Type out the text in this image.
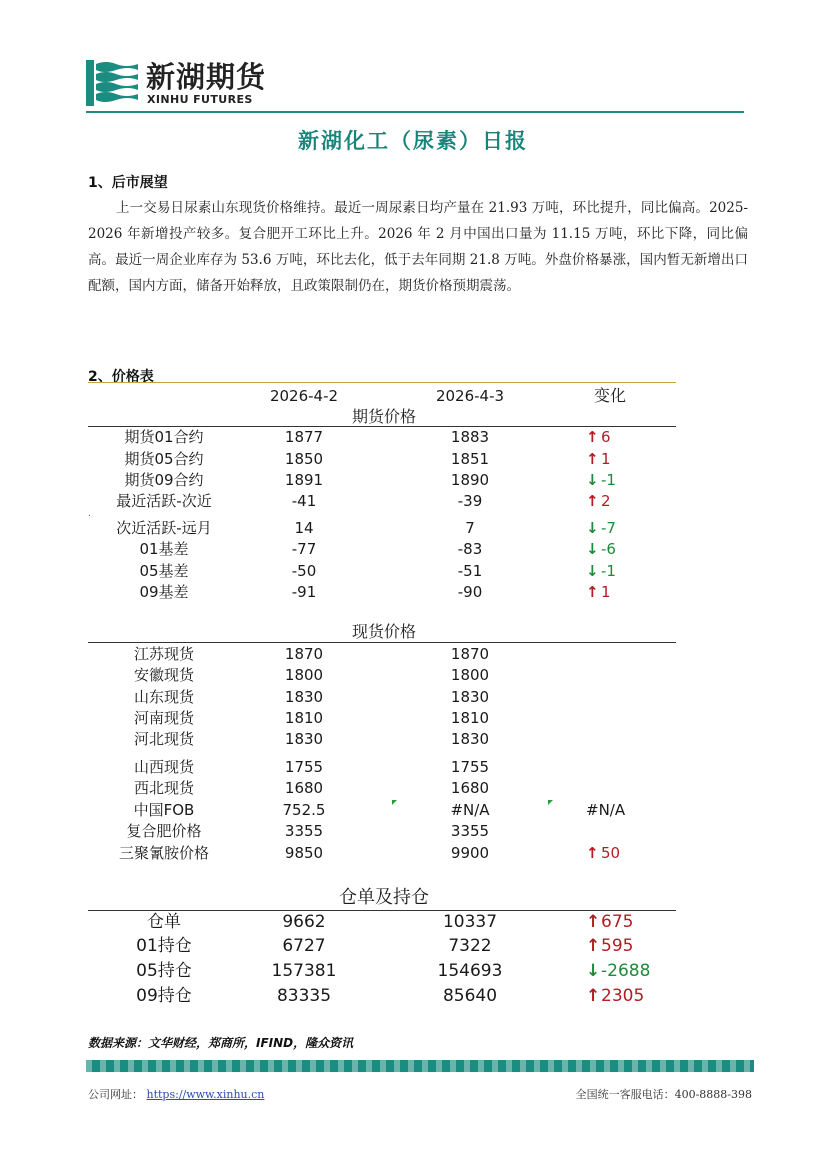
新湖期货
XINHU FUTURES
新湖化工（尿素）日报
1、后市展望
上一交易日尿素山东现货价格维持。最近一周尿素日均产量在 21.93 万吨，环比提升，同比偏高。2025-2026 年新增投产较多。复合肥开工环比上升。2026 年 2 月中国出口量为 11.15 万吨，环比下降，同比偏高。最近一周企业库存为 53.6 万吨，环比去化，低于去年同期 21.8 万吨。外盘价格暴涨，国内暂无新增出口配额，国内方面，储备开始释放，且政策限制仍在，期货价格预期震荡。
2、价格表
2026-4-2	2026-4-3	变化
期货价格
期货01合约	1877	1883	↑ 6
期货05合约	1850	1851	↑ 1
期货09合约	1891	1890	↓ -1
最近活跃-次近	-41	-39	↑ 2
次近活跃-远月	14	7	↓ -7
01基差	-77	-83	↓ -6
05基差	-50	-51	↓ -1
09基差	-91	-90	↑ 1
.
现货价格
江苏现货	1870	1870
安徽现货	1800	1800
山东现货	1830	1830
河南现货	1810	1810
河北现货	1830	1830
山西现货	1755	1755
西北现货	1680	1680
中国FOB	752.5	#N/A	#N/A
复合肥价格	3355	3355
三聚氰胺价格	9850	9900	↑ 50
仓单及持仓
仓单	9662	10337	↑675
01持仓	6727	7322	↑595
05持仓	157381	154693	↓-2688
09持仓	83335	85640	↑2305
数据来源：文华财经，郑商所，IFIND，隆众资讯
公司网址： https://www.xinhu.cn	全国统一客服电话：400-8888-398
